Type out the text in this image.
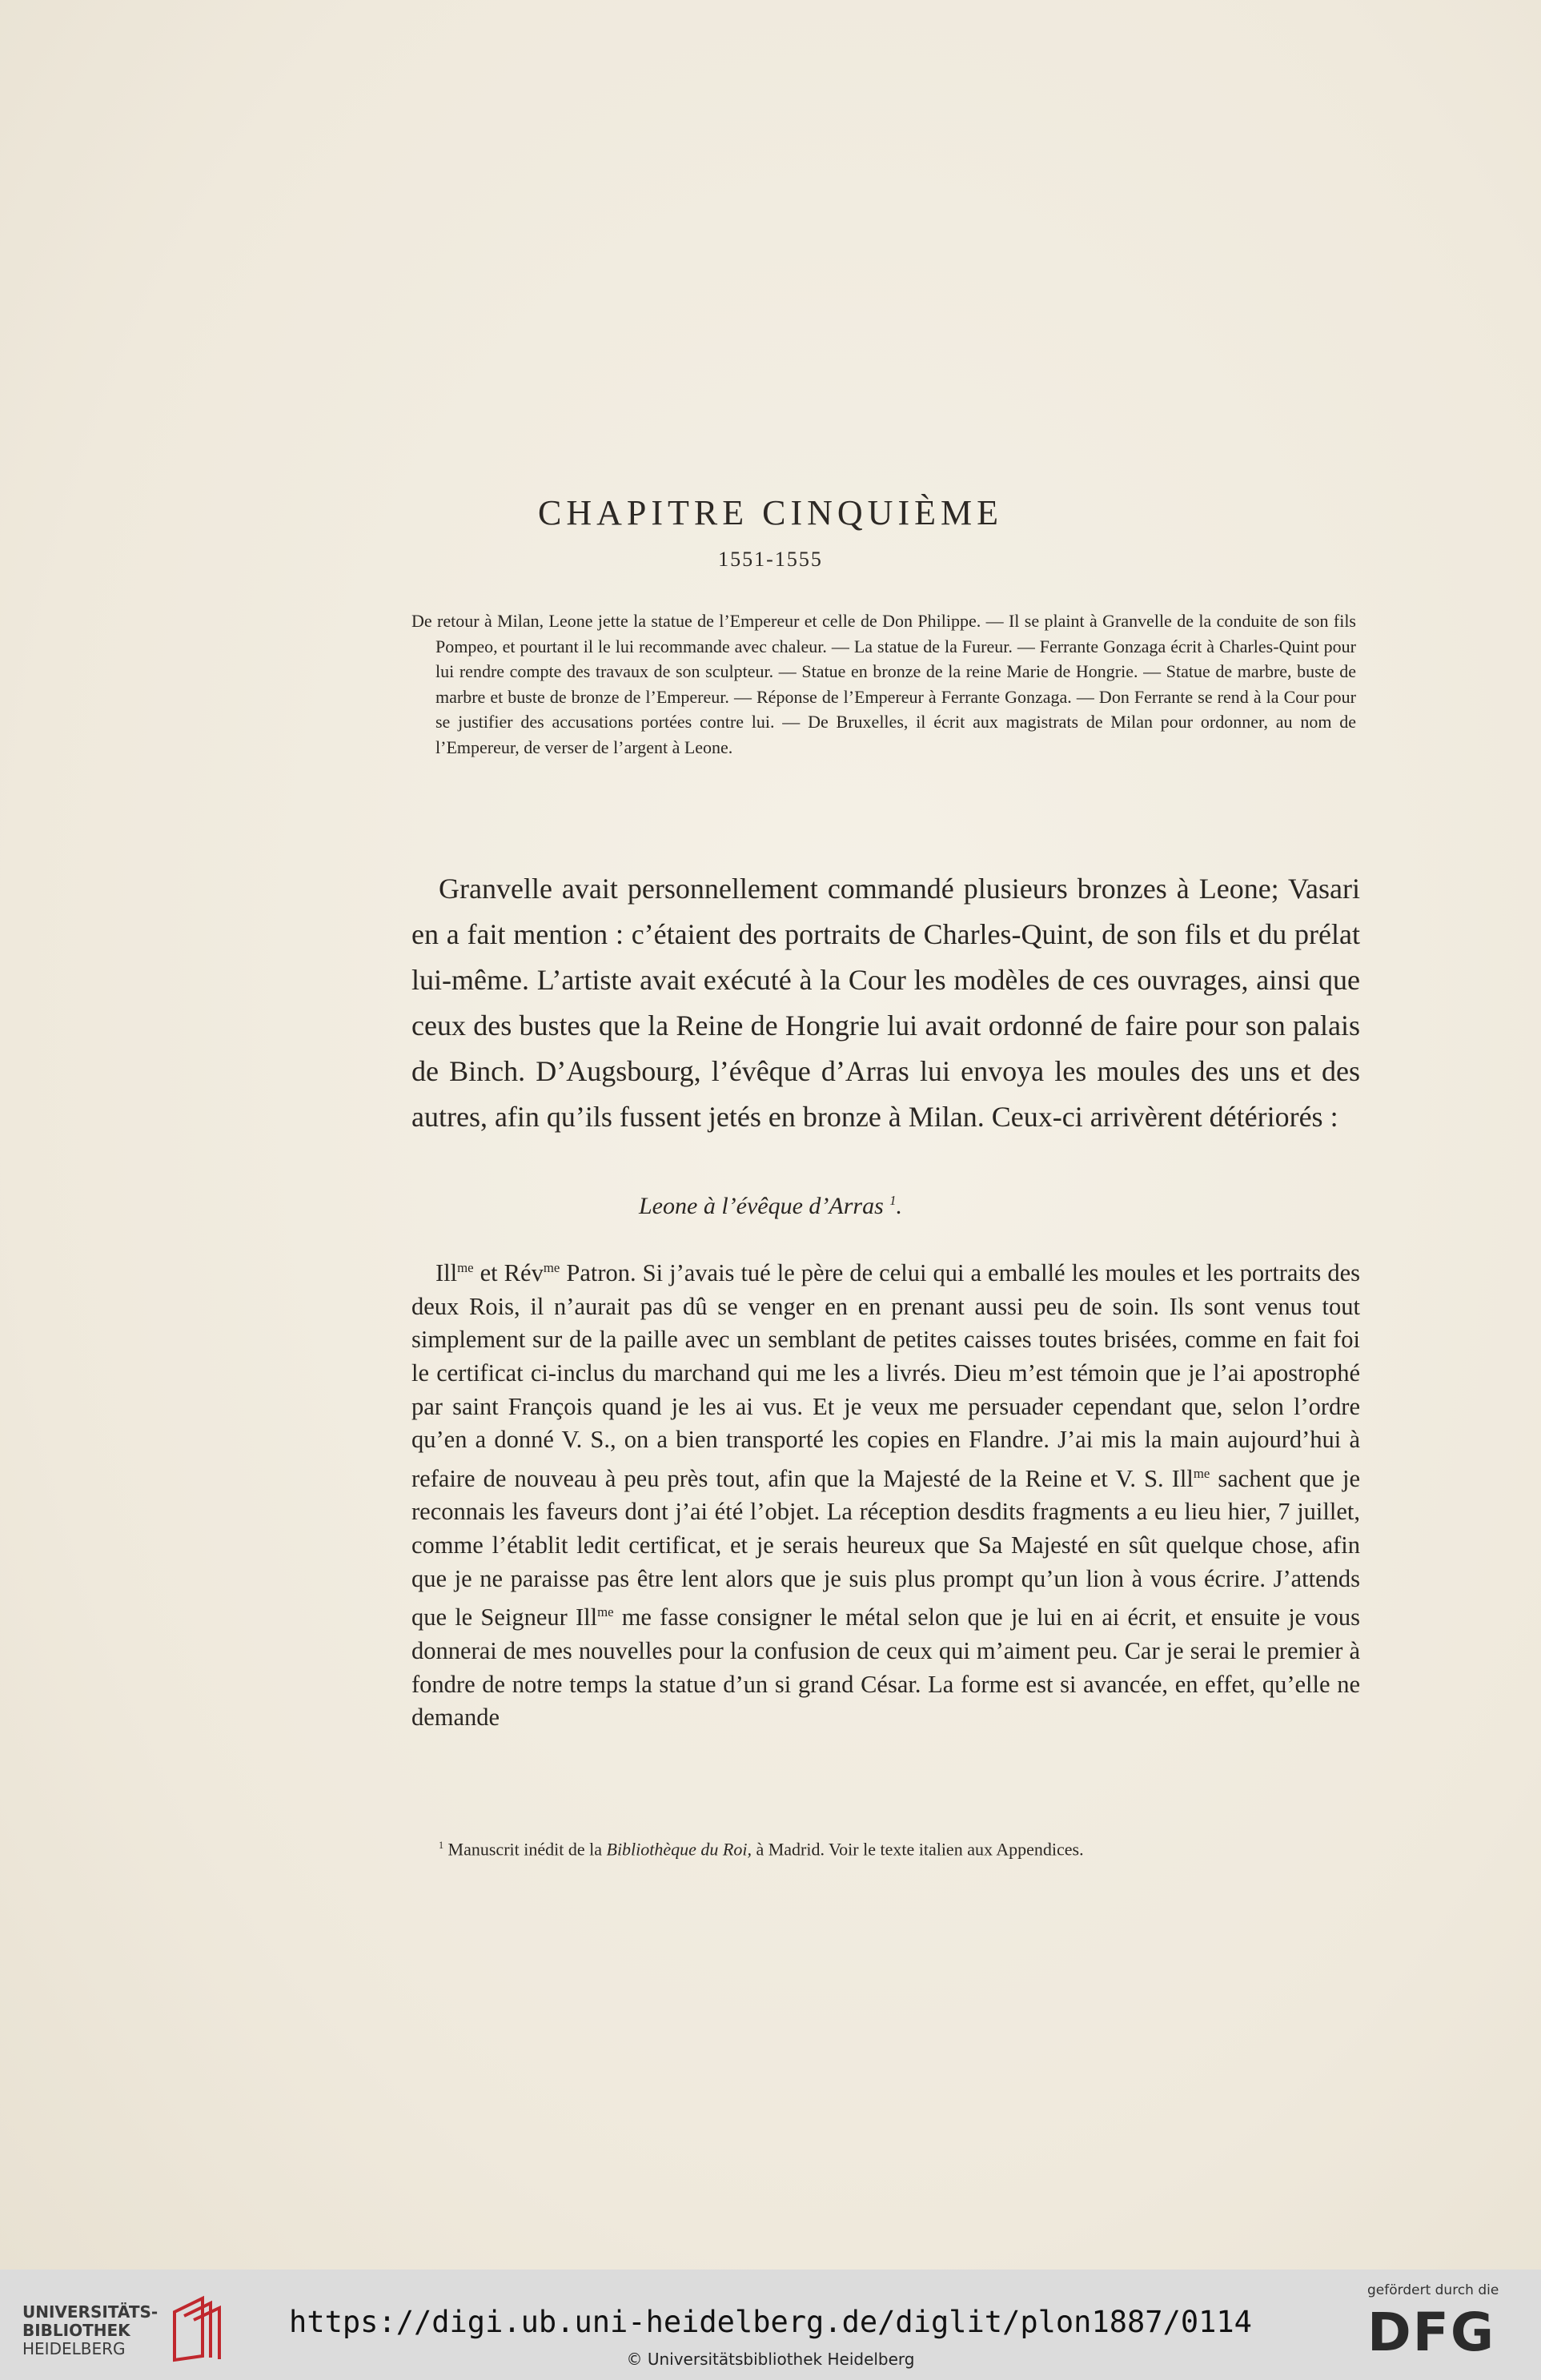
CHAPITRE CINQUIÈME
1551-1555
De retour à Milan, Leone jette la statue de l’Empereur et celle de Don Philippe. — Il se plaint à Granvelle de la conduite de son fils Pompeo, et pourtant il le lui recommande avec chaleur. — La statue de la Fureur. — Ferrante Gonzaga écrit à Charles-Quint pour lui rendre compte des travaux de son sculpteur. — Statue en bronze de la reine Marie de Hongrie. — Statue de marbre, buste de marbre et buste de bronze de l’Empereur. — Réponse de l’Empereur à Ferrante Gonzaga. — Don Ferrante se rend à la Cour pour se justifier des accusations portées contre lui. — De Bruxelles, il écrit aux magistrats de Milan pour ordonner, au nom de l’Empereur, de verser de l’argent à Leone.

Granvelle avait personnellement commandé plusieurs bronzes à Leone; Vasari en a fait mention : c’étaient des portraits de Charles-Quint, de son fils et du prélat lui-même. L’artiste avait exécuté à la Cour les modèles de ces ouvrages, ainsi que ceux des bustes que la Reine de Hongrie lui avait ordonné de faire pour son palais de Binch. D’Augsbourg, l’évêque d’Arras lui envoya les moules des uns et des autres, afin qu’ils fussent jetés en bronze à Milan. Ceux-ci arrivèrent détériorés :

Leone à l’évêque d’Arras $^1$.

Ill$^{me}$ et Rév$^{me}$ Patron. Si j’avais tué le père de celui qui a emballé les moules et les portraits des deux Rois, il n’aurait pas dû se venger en en prenant aussi peu de soin. Ils sont venus tout simplement sur de la paille avec un semblant de petites caisses toutes brisées, comme en fait foi le certificat ci-inclus du marchand qui me les a livrés. Dieu m’est témoin que je l’ai apostrophé par saint François quand je les ai vus. Et je veux me persuader cependant que, selon l’ordre qu’en a donné V. S., on a bien transporté les copies en Flandre. J’ai mis la main aujourd’hui à refaire de nouveau à peu près tout, afin que la Majesté de la Reine et V. S. Ill$^{me}$ sachent que je reconnais les faveurs dont j’ai été l’objet. La réception desdits fragments a eu lieu hier, 7 juillet, comme l’établit ledit certificat, et je serais heureux que Sa Majesté en sût quelque chose, afin que je ne paraisse pas être lent alors que je suis plus prompt qu’un lion à vous écrire. J’attends que le Seigneur Ill$^{me}$ me fasse consigner le métal selon que je lui en ai écrit, et ensuite je vous donnerai de mes nouvelles pour la confusion de ceux qui m’aiment peu. Car je serai le premier à fondre de notre temps la statue d’un si grand César. La forme est si avancée, en effet, qu’elle ne demande

$^1$ Manuscrit inédit de la Bibliothèque du Roi, à Madrid. Voir le texte italien aux Appendices.
UNIVERSITÄTS-
BIBLIOTHEK
HEIDELBERG
https://digi.ub.uni-heidelberg.de/diglit/plon1887/0114
© Universitätsbibliothek Heidelberg
gefördert durch die
DFG
